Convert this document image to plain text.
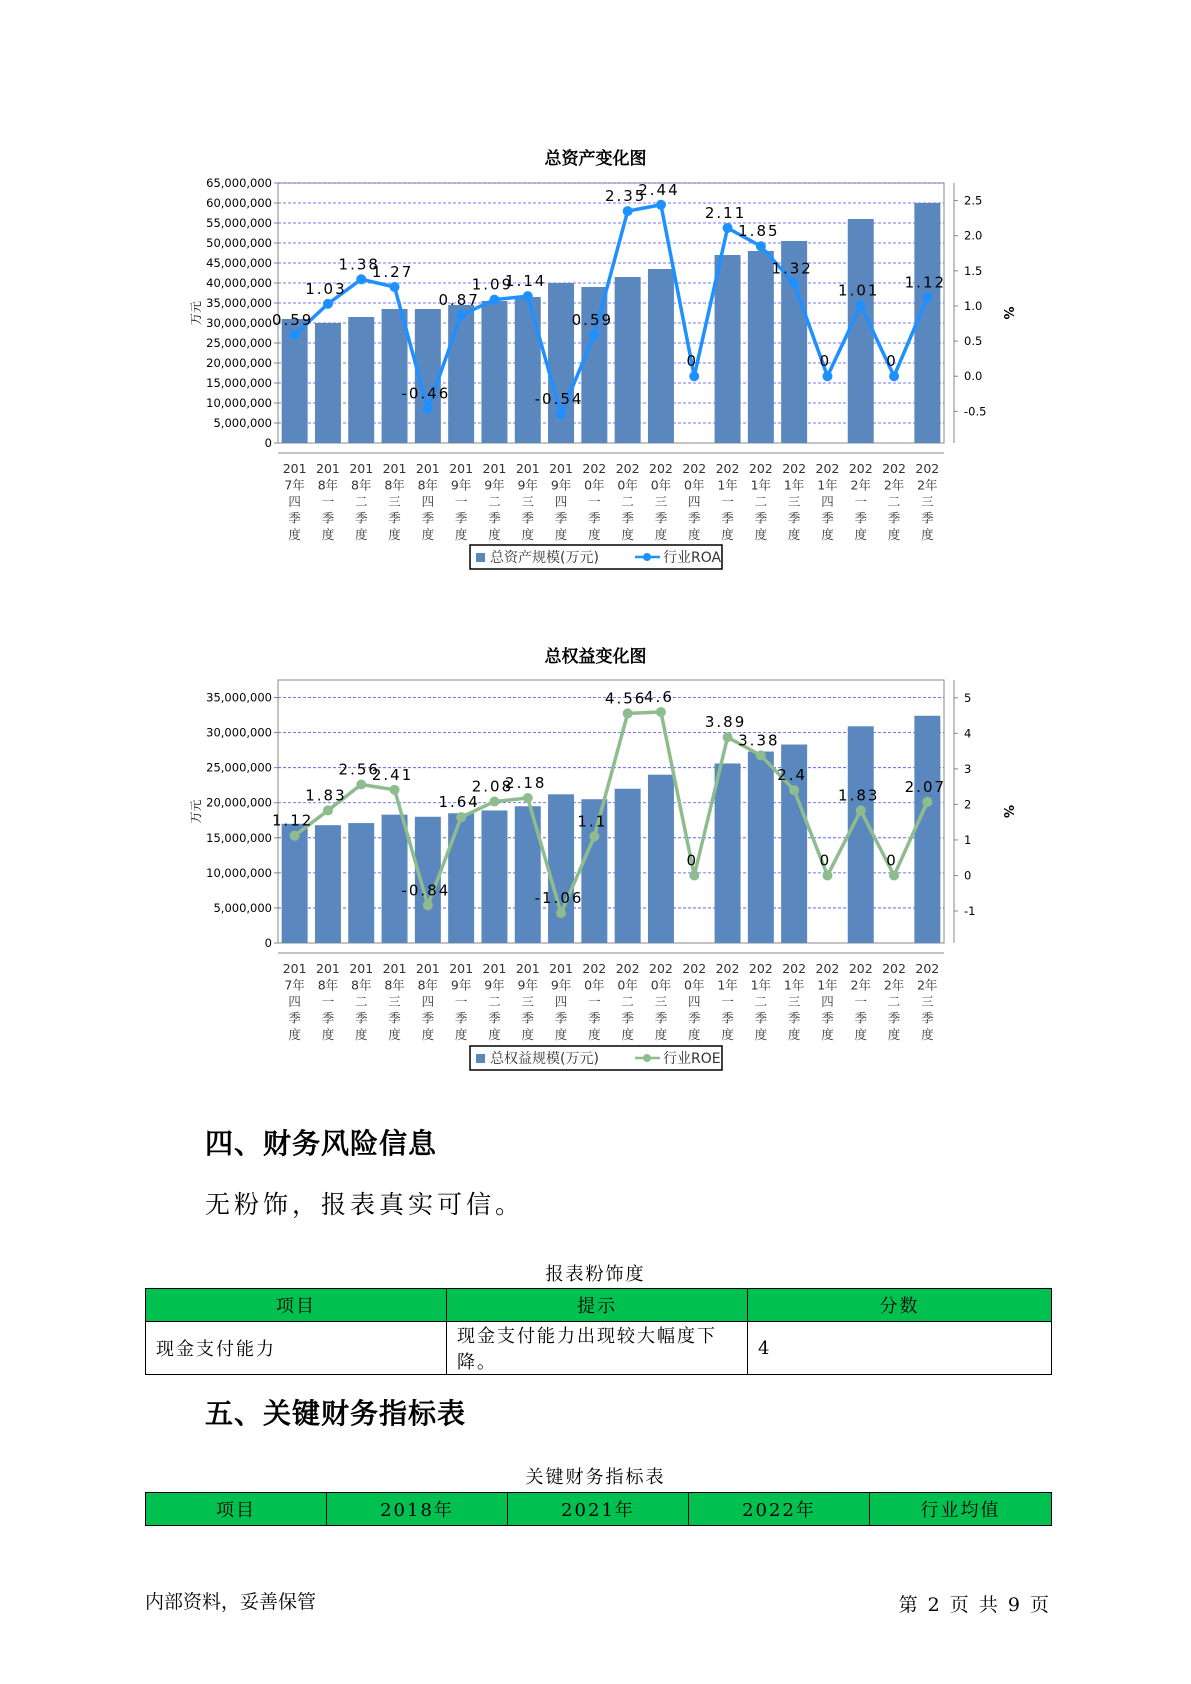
总资产变化图
0
5,000,000
10,000,000
15,000,000
20,000,000
25,000,000
30,000,000
35,000,000
40,000,000
45,000,000
50,000,000
55,000,000
60,000,000
65,000,000
-0.5
0.0
0.5
1.0
1.5
2.0
2.5
万元	%
201
7年
四
季
度
201
8年
一
季
度
201
8年
二
季
度
201
8年
三
季
度
201
8年
四
季
度
201
9年
一
季
度
201
9年
二
季
度
201
9年
三
季
度
201
9年
四
季
度
202
0年
一
季
度
202
0年
二
季
度
202
0年
三
季
度
202
0年
四
季
度
202
1年
一
季
度
202
1年
二
季
度
202
1年
三
季
度
202
1年
四
季
度
202
2年
一
季
度
202
2年
二
季
度
202
2年
三
季
度
0.59
1.03
1.38
1.27
-0.46
0.87
1.09
1.14
-0.54
0.59
2.35
2.44
0
2.11
1.85
1.32
0
1.01
0
1.12
总资产规模(万元)	行业ROA
总权益变化图
0
5,000,000
10,000,000
15,000,000
20,000,000
25,000,000
30,000,000
35,000,000
-1
0
1
2
3
4
5
万元	%
201
7年
四
季
度
201
8年
一
季
度
201
8年
二
季
度
201
8年
三
季
度
201
8年
四
季
度
201
9年
一
季
度
201
9年
二
季
度
201
9年
三
季
度
201
9年
四
季
度
202
0年
一
季
度
202
0年
二
季
度
202
0年
三
季
度
202
0年
四
季
度
202
1年
一
季
度
202
1年
二
季
度
202
1年
三
季
度
202
1年
四
季
度
202
2年
一
季
度
202
2年
二
季
度
202
2年
三
季
度
1.12
1.83
2.56
2.41
-0.84
1.64
2.08
2.18
-1.06
1.1
4.56
4.6
0
3.89
3.38
2.4
0
1.83
0
2.07
总权益规模(万元)	行业ROE
四、财务风险信息
无粉饰，报表真实可信。
报表粉饰度
项目	提示	分数
现金支付能力	现金支付能力出现较大幅度下降。	4
五、关键财务指标表
关键财务指标表
项目	2018年	2021年	2022年	行业均值
内部资料，妥善保管	第 2 页 共 9 页
